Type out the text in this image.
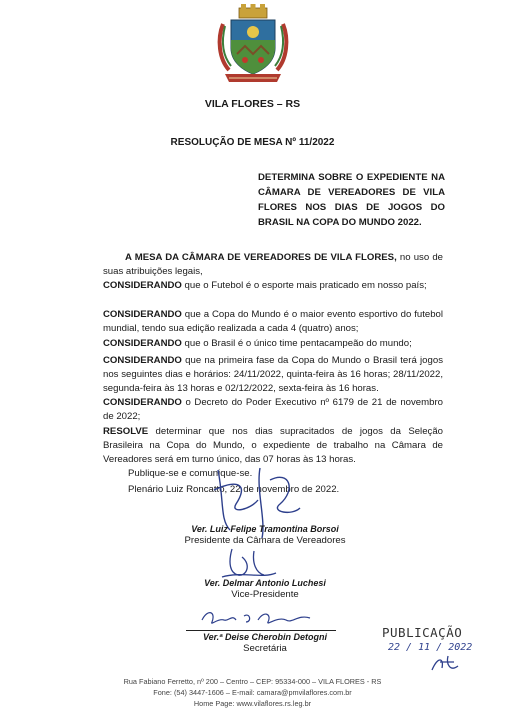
VILA FLORES – RS
RESOLUÇÃO DE MESA Nº 11/2022
DETERMINA SOBRE O EXPEDIENTE NA CÂMARA DE VEREADORES DE VILA FLORES NOS DIAS DE JOGOS DO BRASIL NA COPA DO MUNDO 2022.
A MESA DA CÂMARA DE VEREADORES DE VILA FLORES, no uso de suas atribuições legais,
CONSIDERANDO que o Futebol é o esporte mais praticado em nosso país;
CONSIDERANDO que a Copa do Mundo é o maior evento esportivo do futebol mundial, tendo sua edição realizada a cada 4 (quatro) anos;
CONSIDERANDO que o Brasil é o único time pentacampeão do mundo;
CONSIDERANDO que na primeira fase da Copa do Mundo o Brasil terá jogos nos seguintes dias e horários: 24/11/2022, quinta-feira às 16 horas; 28/11/2022, segunda-feira às 13 horas e 02/12/2022, sexta-feira às 16 horas.
CONSIDERANDO o Decreto do Poder Executivo nº 6179 de 21 de novembro de 2022;
RESOLVE determinar que nos dias supracitados de jogos da Seleção Brasileira na Copa do Mundo, o expediente de trabalho na Câmara de Vereadores será em turno único, das 07 horas às 13 horas.
Publique-se e comunique-se.
Plenário Luiz Roncatto, 22 de novembro de 2022.
Ver. Luiz Felipe Tramontina Borsoi
Presidente da Câmara de Vereadores
Ver. Delmar Antonio Luchesi
Vice-Presidente
Ver.ª Deise Cherobin Detogni
Secretária
PUBLICAÇÃO
22 / 11 / 2022
Rua Fabiano Ferretto, nº 200 – Centro – CEP: 95334-000 – VILA FLORES - RS
Fone: (54) 3447-1606 – E-mail: camara@pmvilaflores.com.br
Home Page: www.vilaflores.rs.leg.br
